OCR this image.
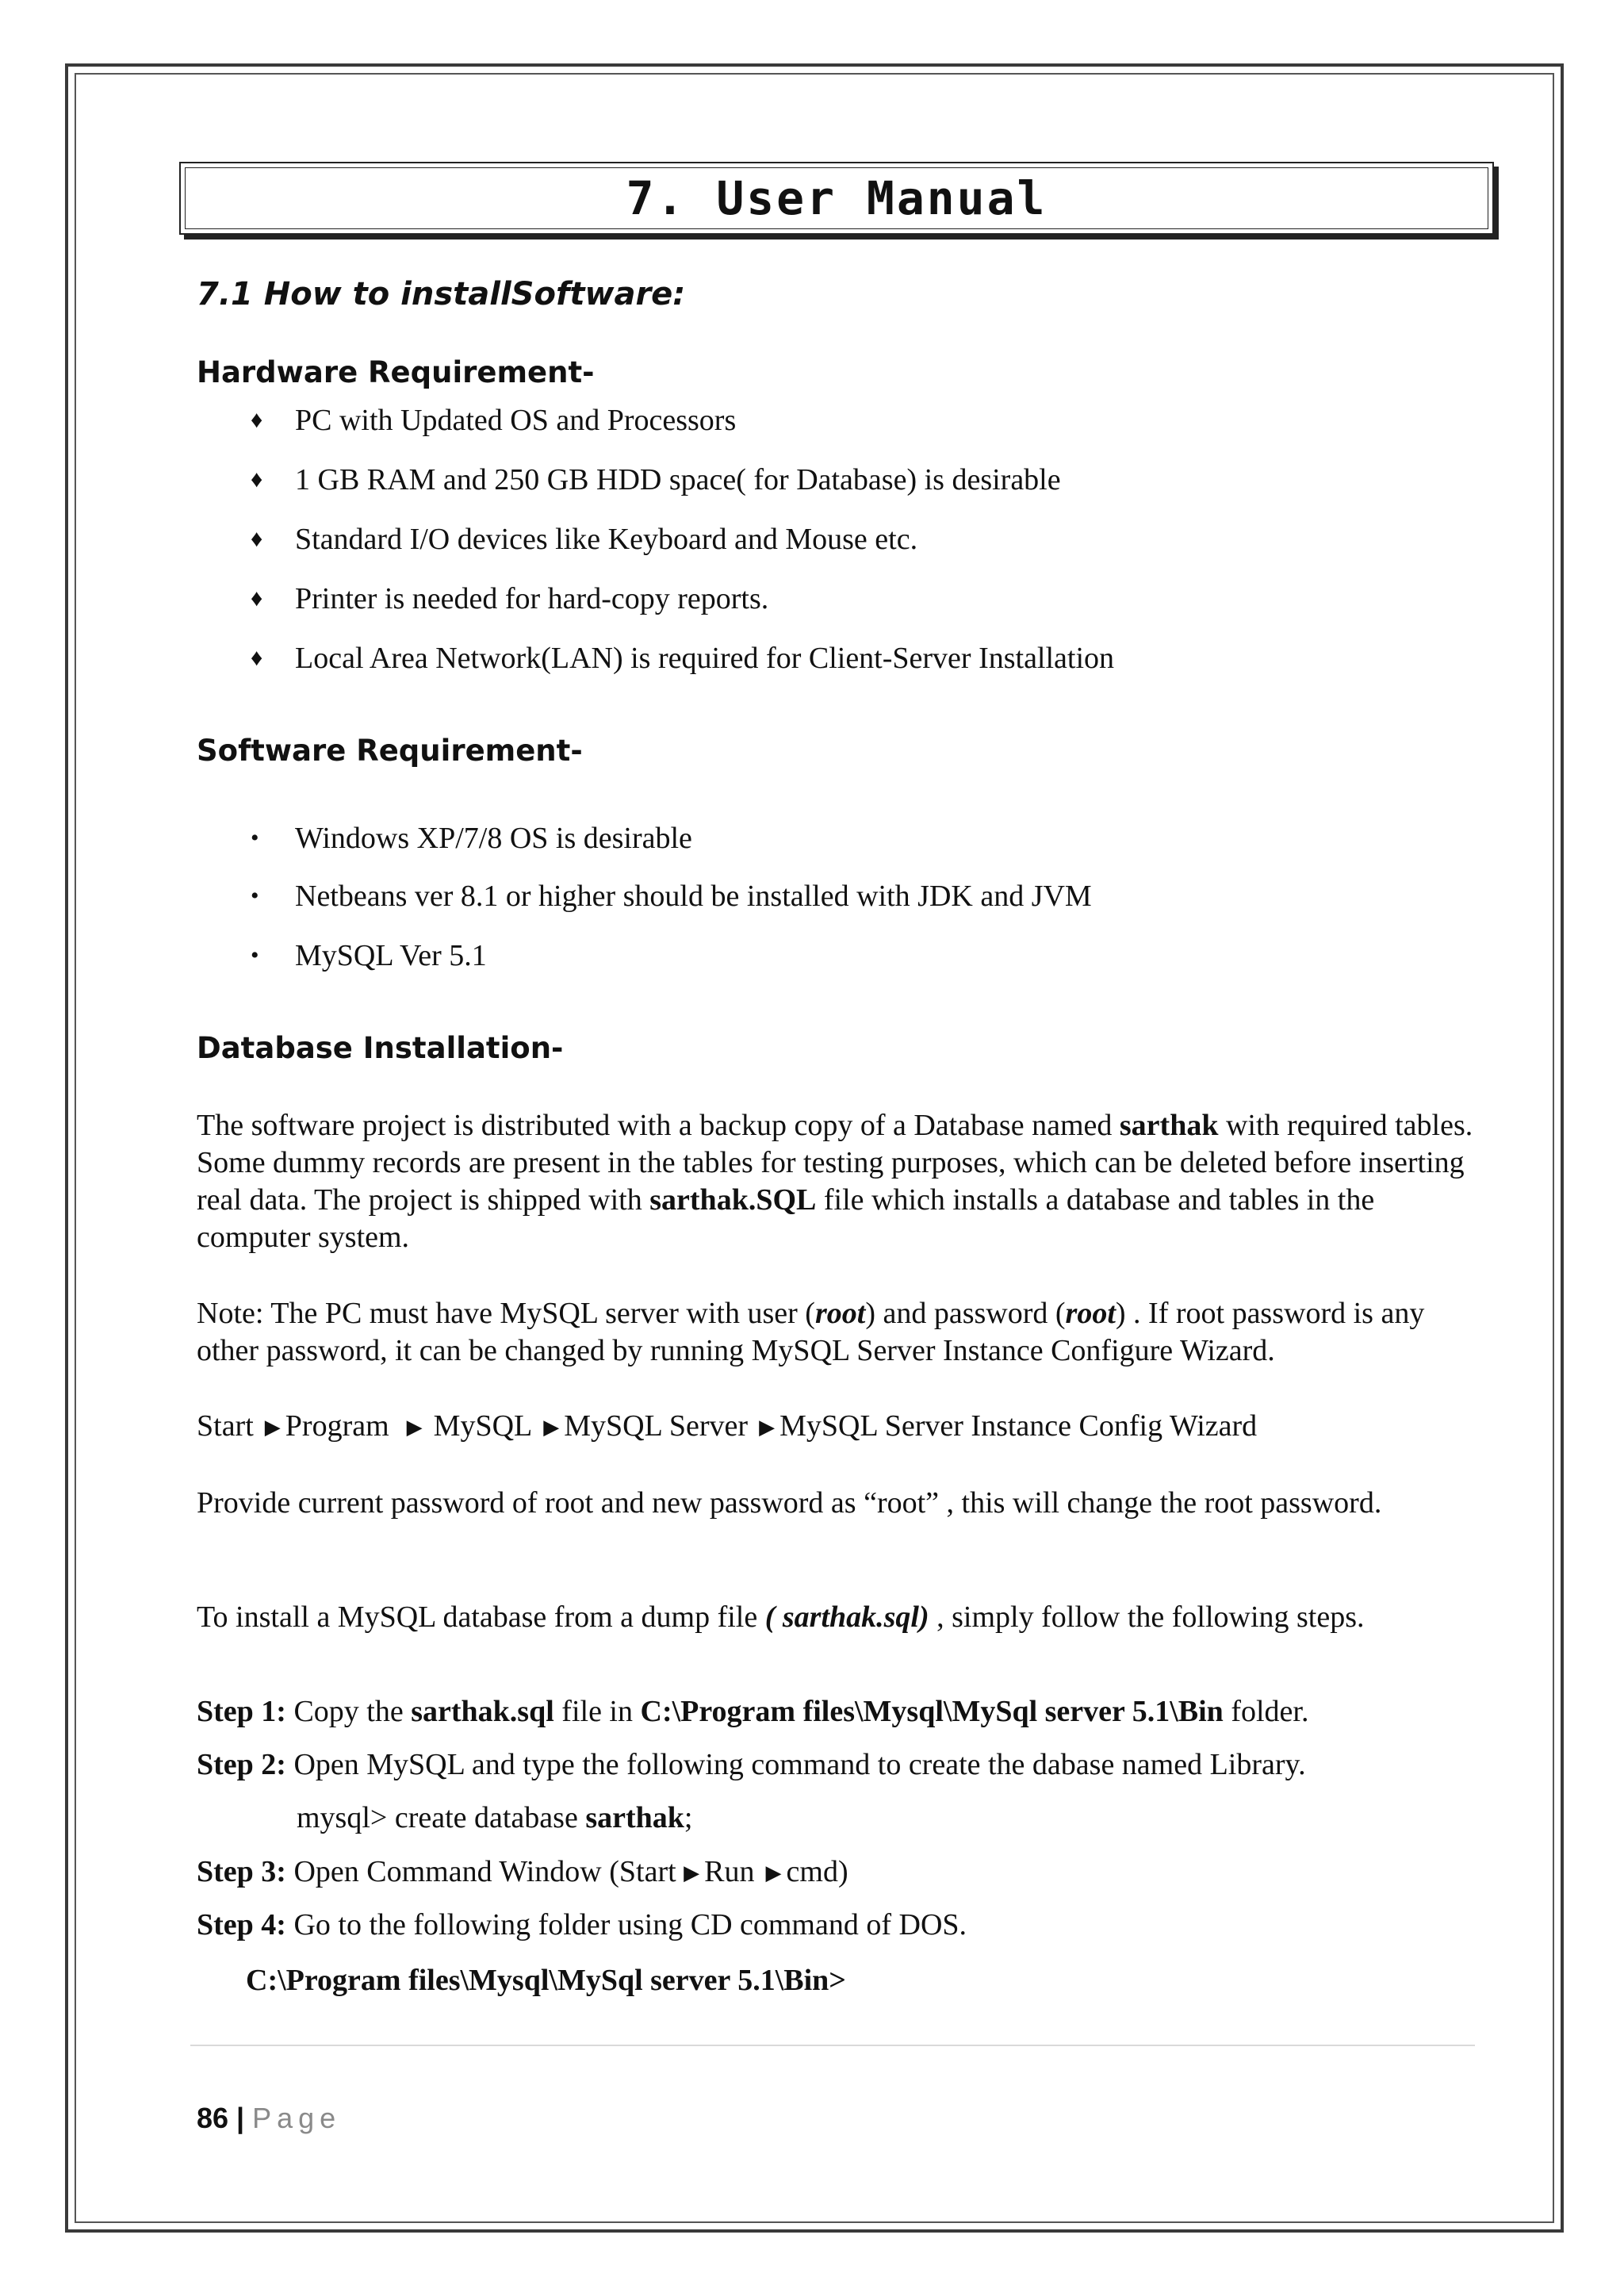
7. User Manual
7.1 How to installSoftware:
Hardware Requirement-
♦	PC with Updated OS and Processors
♦	1 GB RAM and 250 GB HDD space( for Database) is desirable
♦	Standard I/O devices like Keyboard and Mouse etc.
♦	Printer is needed for hard-copy reports.
♦	Local Area Network(LAN) is required for Client-Server Installation
Software Requirement-
•	Windows XP/7/8 OS is desirable
•	Netbeans ver 8.1 or higher should be installed with JDK and JVM
•	MySQL Ver 5.1
Database Installation-
The software project is distributed with a backup copy of a Database named sarthak with required tables. Some dummy records are present in the tables for testing purposes, which can be deleted before inserting real data. The project is shipped with sarthak.SQL file which installs a database and tables in the computer system.
Note: The PC must have MySQL server with user (root) and password (root) . If root password is any other password, it can be changed by running MySQL Server Instance Configure Wizard.
Start ▶ Program ▶ MySQL ▶ MySQL Server ▶ MySQL Server Instance Config Wizard
Provide current password of root and new password as “root” , this will change the root password.
To install a MySQL database from a dump file ( sarthak.sql) , simply follow the following steps.
Step 1: Copy the sarthak.sql file in C:\Program files\Mysql\MySql server 5.1\Bin folder.
Step 2: Open MySQL and type the following command to create the dabase named Library.
mysql> create database sarthak;
Step 3: Open Command Window (Start ▶ Run ▶ cmd)
Step 4: Go to the following folder using CD command of DOS.
C:\Program files\Mysql\MySql server 5.1\Bin>
86 | Page
